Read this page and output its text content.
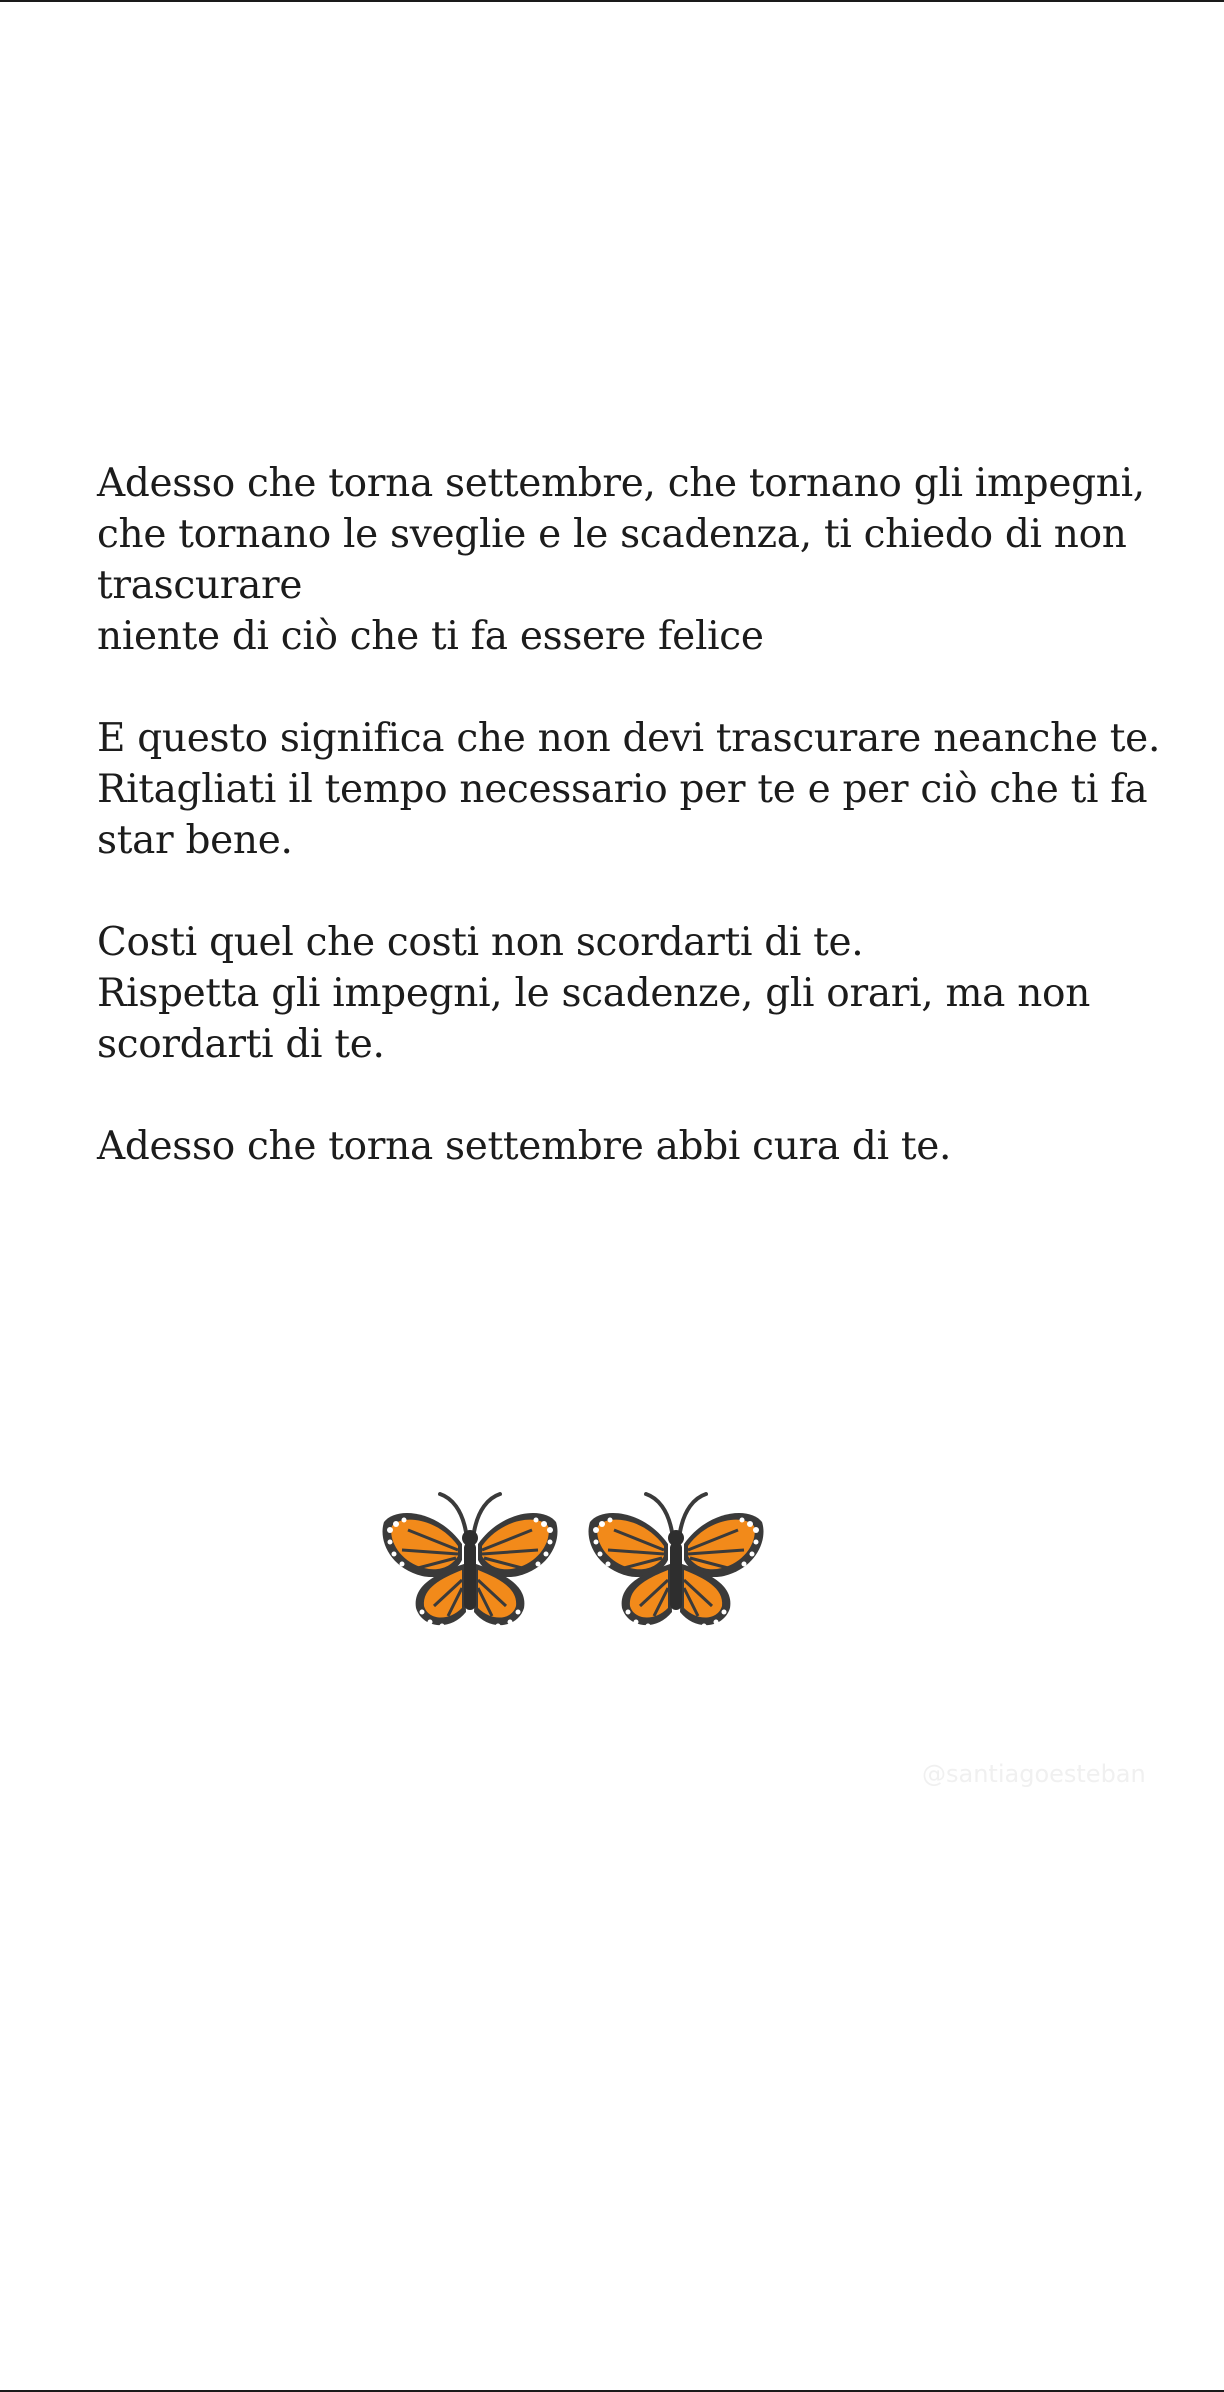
Adesso che torna settembre, che tornano gli impegni,
che tornano le sveglie e le scadenza, ti chiedo di non
trascurare
niente di ciò che ti fa essere felice

E questo significa che non devi trascurare neanche te.
Ritagliati il tempo necessario per te e per ciò che ti fa
star bene.

Costi quel che costi non scordarti di te.
Rispetta gli impegni, le scadenze, gli orari, ma non
scordarti di te.

Adesso che torna settembre abbi cura di te.

@santiagoesteban
